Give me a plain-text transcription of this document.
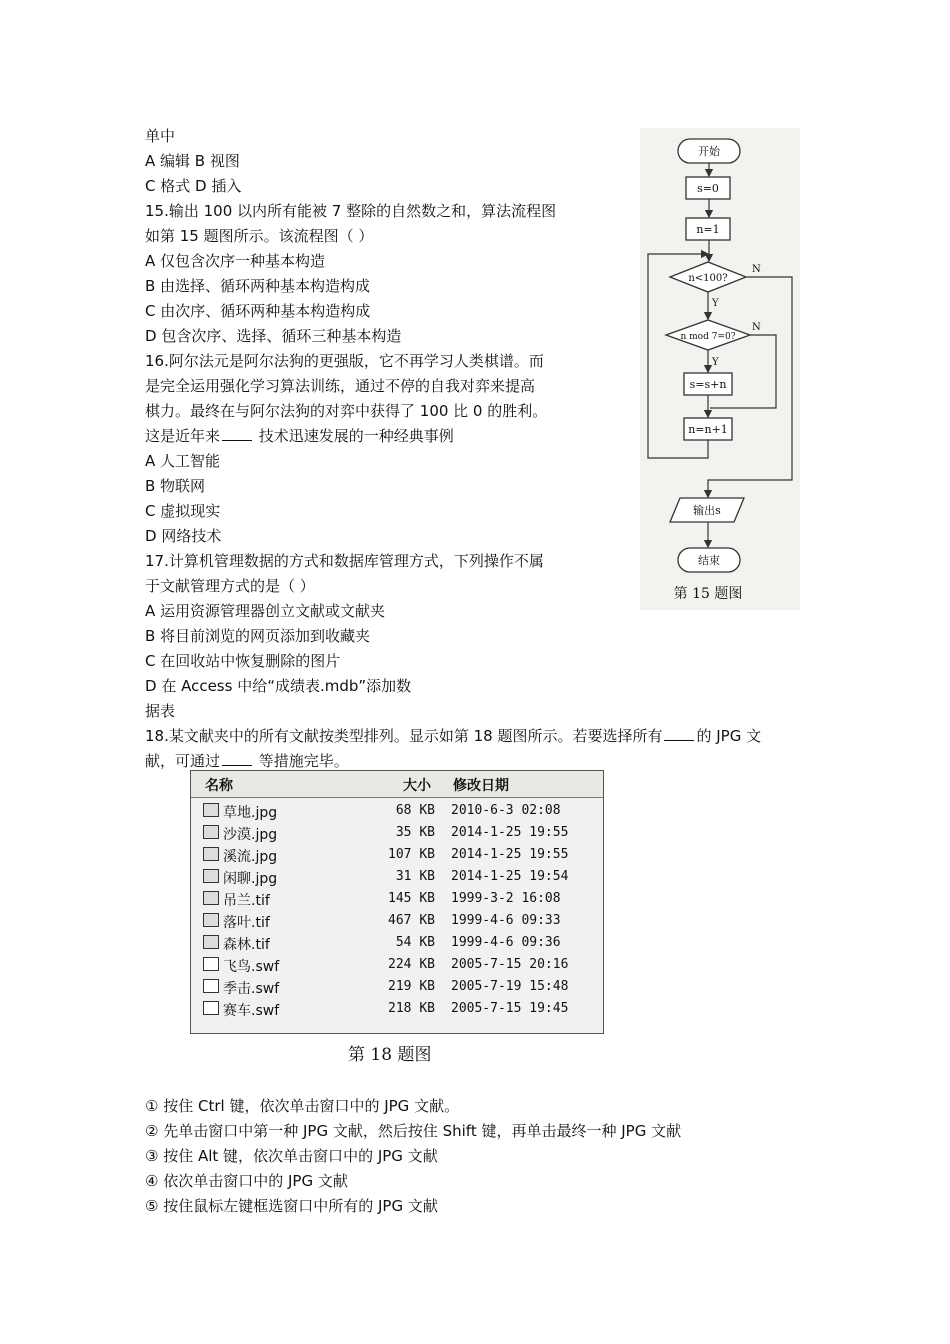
单中
A 编辑 B 视图
C 格式 D 插入
15.输出 100 以内所有能被 7 整除的自然数之和，算法流程图
如第 15 题图所示。该流程图（ ）
A 仅包含次序一种基本构造
B 由选择、循环两种基本构造构成
C 由次序、循环两种基本构造构成
D 包含次序、选择、循环三种基本构造
16.阿尔法元是阿尔法狗的更强版，它不再学习人类棋谱。而
是完全运用强化学习算法训练，通过不停的自我对弈来提高
棋力。最终在与阿尔法狗的对弈中获得了 100 比 0 的胜利。
这是近年来 技术迅速发展的一种经典事例
A 人工智能
B 物联网
C 虚拟现实
D 网络技术
17.计算机管理数据的方式和数据库管理方式，下列操作不属
于文献管理方式的是（ ）
A 运用资源管理器创立文献或文献夹
B 将目前浏览的网页添加到收藏夹
C 在回收站中恢复删除的图片
D 在 Access 中给“成绩表.mdb”添加数
据表
18.某文献夹中的所有文献按类型排列。显示如第 18 题图所示。若要选择所有 的 JPG 文
献，可通过 等措施完毕。
开始
s=0
n=1
n<100?
n mod 7=0?
s=s+n
n=n+1
输出s
结束
Y
Y
N
N
第 15 题图
名称	大小 修改日期
草地.jpg	68 KB 2010-6-3 02:08
沙漠.jpg	35 KB 2014-1-25 19:55
溪流.jpg	107 KB 2014-1-25 19:55
闲聊.jpg	31 KB 2014-1-25 19:54
吊兰.tif	145 KB 1999-3-2 16:08
落叶.tif	467 KB 1999-4-6 09:33
森林.tif	54 KB 1999-4-6 09:36
飞鸟.swf	224 KB 2005-7-15 20:16
季击.swf	219 KB 2005-7-19 15:48
赛车.swf	218 KB 2005-7-15 19:45
第 18 题图
① 按住 Ctrl 键，依次单击窗口中的 JPG 文献。
② 先单击窗口中第一种 JPG 文献，然后按住 Shift 键，再单击最终一种 JPG 文献
③ 按住 Alt 键，依次单击窗口中的 JPG 文献
④ 依次单击窗口中的 JPG 文献
⑤ 按住鼠标左键框选窗口中所有的 JPG 文献
